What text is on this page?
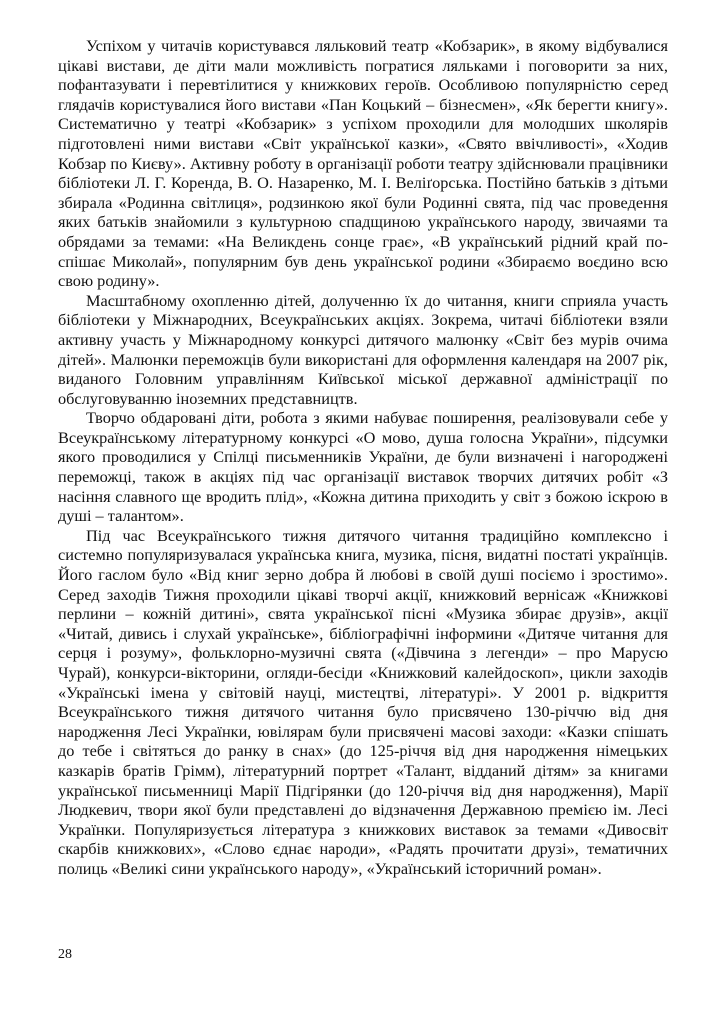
Успіхом у читачів користувався ляльковий театр «Кобзарик», в якому відбувалися цікаві вистави, де діти мали можливість погратися ляльками і поговорити за них, пофантазувати і перевтілитися у книжкових героїв. Особливою популярністю серед глядачів користувалися його вистави «Пан Коцький – бізнесмен», «Як берегти книгу». Систематично у театрі «Кобзарик» з успіхом проходили для молодших школярів підготовлені ними вистави «Світ української казки», «Свято ввічливості», «Ходив Кобзар по Києву». Активну роботу в організації роботи театру здійснювали працівники бібліотеки Л. Г. Коренда, В. О. Назаренко, М. І. Веліґорська. Постійно батьків з дітьми збирала «Родинна світлиця», родзинкою якої були Родинні свята, під час проведення яких батьків знайомили з культурною спадщиною українського народу, звичаями та обрядами за темами: «На Великдень сонце грає», «В український рідний край поспішає Миколай», популярним був день української родини «Збираємо воєдино всю свою родину».

Масштабному охопленню дітей, долученню їх до читання, книги сприяла участь бібліотеки у Міжнародних, Всеукраїнських акціях. Зокрема, читачі бібліотеки взяли активну участь у Міжнародному конкурсі дитячого малюнку «Світ без мурів очима дітей». Малюнки переможців були використані для оформлення календаря на 2007 рік, виданого Головним управлінням Київської міської державної адміністрації по обслуговуванню іноземних представництв.

Творчо обдаровані діти, робота з якими набуває поширення, реалізовували себе у Всеукраїнському літературному конкурсі «О мово, душа голосна України», підсумки якого проводилися у Спілці письменників України, де були визначені і нагороджені переможці, також в акціях під час організації виставок творчих дитячих робіт «З насіння славного ще вродить плід», «Кожна дитина приходить у світ з божою іскрою в душі – талантом».

Під час Всеукраїнського тижня дитячого читання традиційно комплексно і системно популяризувалася українська книга, музика, пісня, видатні постаті українців. Його гаслом було «Від книг зерно добра й любові в своїй душі посіємо і зростимо». Серед заходів Тижня проходили цікаві творчі акції, книжковий вернісаж «Книжкові перлини – кожній дитині», свята української пісні «Музика збирає друзів», акції «Читай, дивись і слухай українське», бібліографічні інформини «Дитяче читання для серця і розуму», фольклорно-музичні свята («Дівчина з легенди» – про Марусю Чурай), конкурси-вікторини, огляди-бесіди «Книжковий калейдоскоп», цикли заходів «Українські імена у світовій науці, мистецтві, літературі». У 2001 р. відкриття Всеукраїнського тижня дитячого читання було присвячено 130-річчю від дня народження Лесі Українки, ювілярам були присвячені масові заходи: «Казки спішать до тебе і світяться до ранку в снах» (до 125-річчя від дня народження німецьких казкарів братів Грімм), літературний портрет «Талант, відданий дітям» за книгами української письменниці Марії Підгірянки (до 120-річчя від дня народження), Марії Людкевич, твори якої були представлені до відзначення Державною премією ім. Лесі Українки. Популяризується література з книжкових виставок за темами «Дивосвіт скарбів книжкових», «Слово єднає народи», «Радять прочитати друзі», тематичних полиць «Великі сини українського народу», «Український історичний роман».

28
